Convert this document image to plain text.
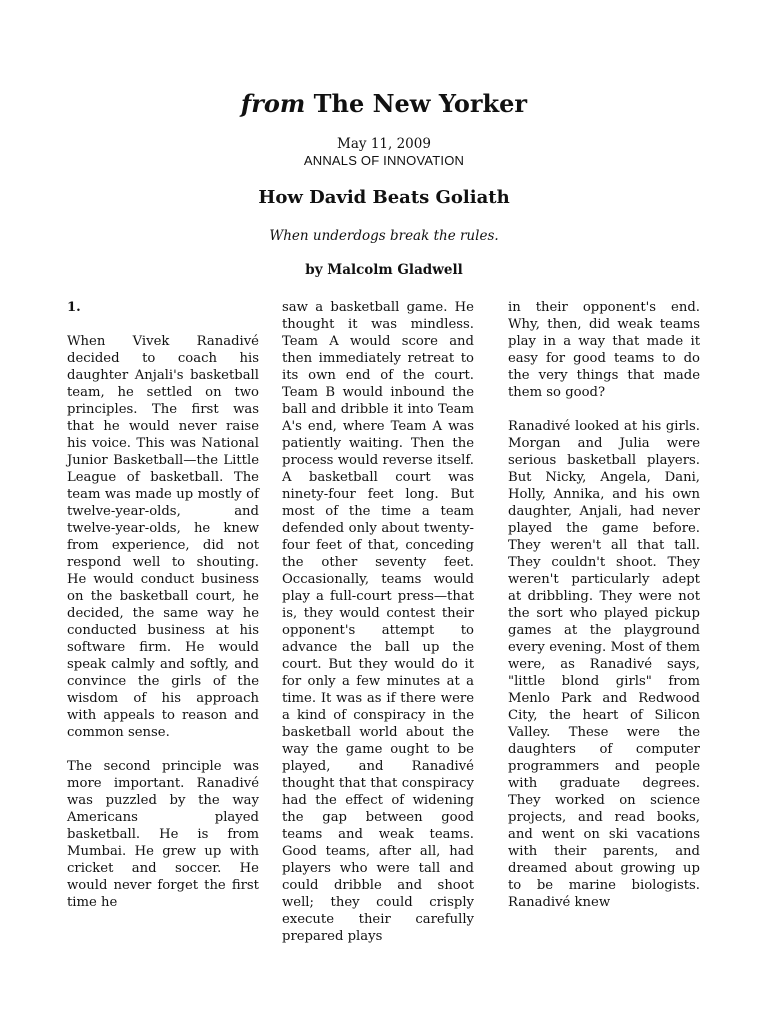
from The New Yorker
May 11, 2009
ANNALS OF INNOVATION
How David Beats Goliath
When underdogs break the rules.
by Malcolm Gladwell
1.

When Vivek Ranadivé decided to coach his daughter Anjali's basketball team, he settled on two principles. The first was that he would never raise his voice. This was National Junior Basketball—the Little League of basketball. The team was made up mostly of twelve-year-olds, and twelve-year-olds, he knew from experience, did not respond well to shouting. He would conduct business on the basketball court, he decided, the same way he conducted business at his software firm. He would speak calmly and softly, and convince the girls of the wisdom of his approach with appeals to reason and common sense.

The second principle was more important. Ranadivé was puzzled by the way Americans played basketball. He is from Mumbai. He grew up with cricket and soccer. He would never forget the first time he

saw a basketball game. He thought it was mindless. Team A would score and then immediately retreat to its own end of the court. Team B would inbound the ball and dribble it into Team A's end, where Team A was patiently waiting. Then the process would reverse itself. A basketball court was ninety-four feet long. But most of the time a team defended only about twenty-four feet of that, conceding the other seventy feet. Occasionally, teams would play a full-court press—that is, they would contest their opponent's attempt to advance the ball up the court. But they would do it for only a few minutes at a time. It was as if there were a kind of conspiracy in the basketball world about the way the game ought to be played, and Ranadivé thought that that conspiracy had the effect of widening the gap between good teams and weak teams. Good teams, after all, had players who were tall and could dribble and shoot well; they could crisply execute their carefully prepared plays

in their opponent's end. Why, then, did weak teams play in a way that made it easy for good teams to do the very things that made them so good?

Ranadivé looked at his girls. Morgan and Julia were serious basketball players. But Nicky, Angela, Dani, Holly, Annika, and his own daughter, Anjali, had never played the game before. They weren't all that tall. They couldn't shoot. They weren't particularly adept at dribbling. They were not the sort who played pickup games at the playground every evening. Most of them were, as Ranadivé says, "little blond girls" from Menlo Park and Redwood City, the heart of Silicon Valley. These were the daughters of computer programmers and people with graduate degrees. They worked on science projects, and read books, and went on ski vacations with their parents, and dreamed about growing up to be marine biologists. Ranadivé knew
